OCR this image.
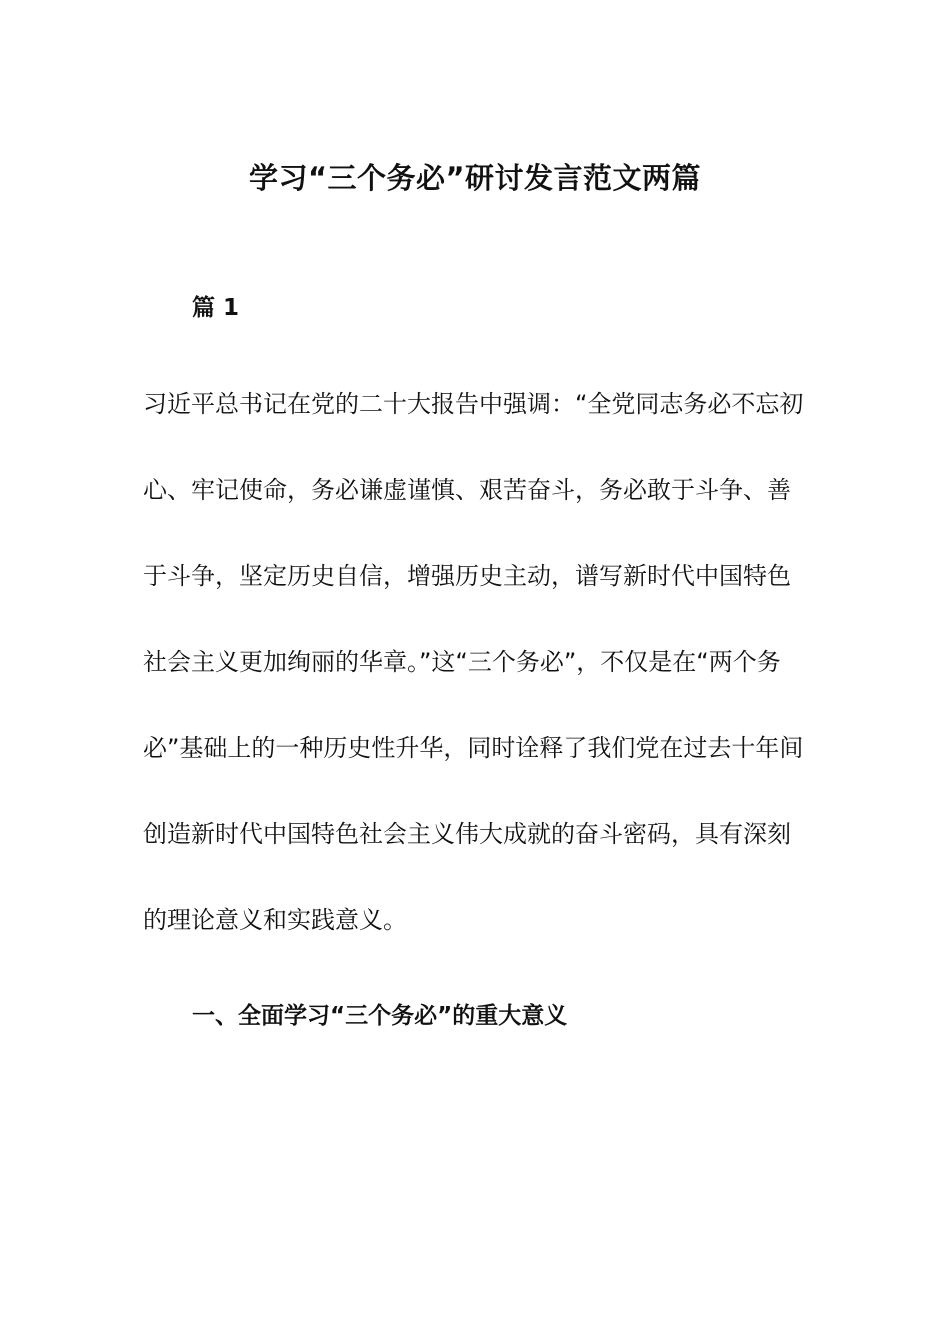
学习“三个务必”研讨发言范文两篇
篇 1
习近平总书记在党的二十大报告中强调：“全党同志务必不忘初
心、牢记使命，务必谦虚谨慎、艰苦奋斗，务必敢于斗争、善
于斗争，坚定历史自信，增强历史主动，谱写新时代中国特色
社会主义更加绚丽的华章。”这“三个务必”，不仅是在“两个务
必”基础上的一种历史性升华，同时诠释了我们党在过去十年间
创造新时代中国特色社会主义伟大成就的奋斗密码，具有深刻
的理论意义和实践意义。
一、全面学习“三个务必”的重大意义
